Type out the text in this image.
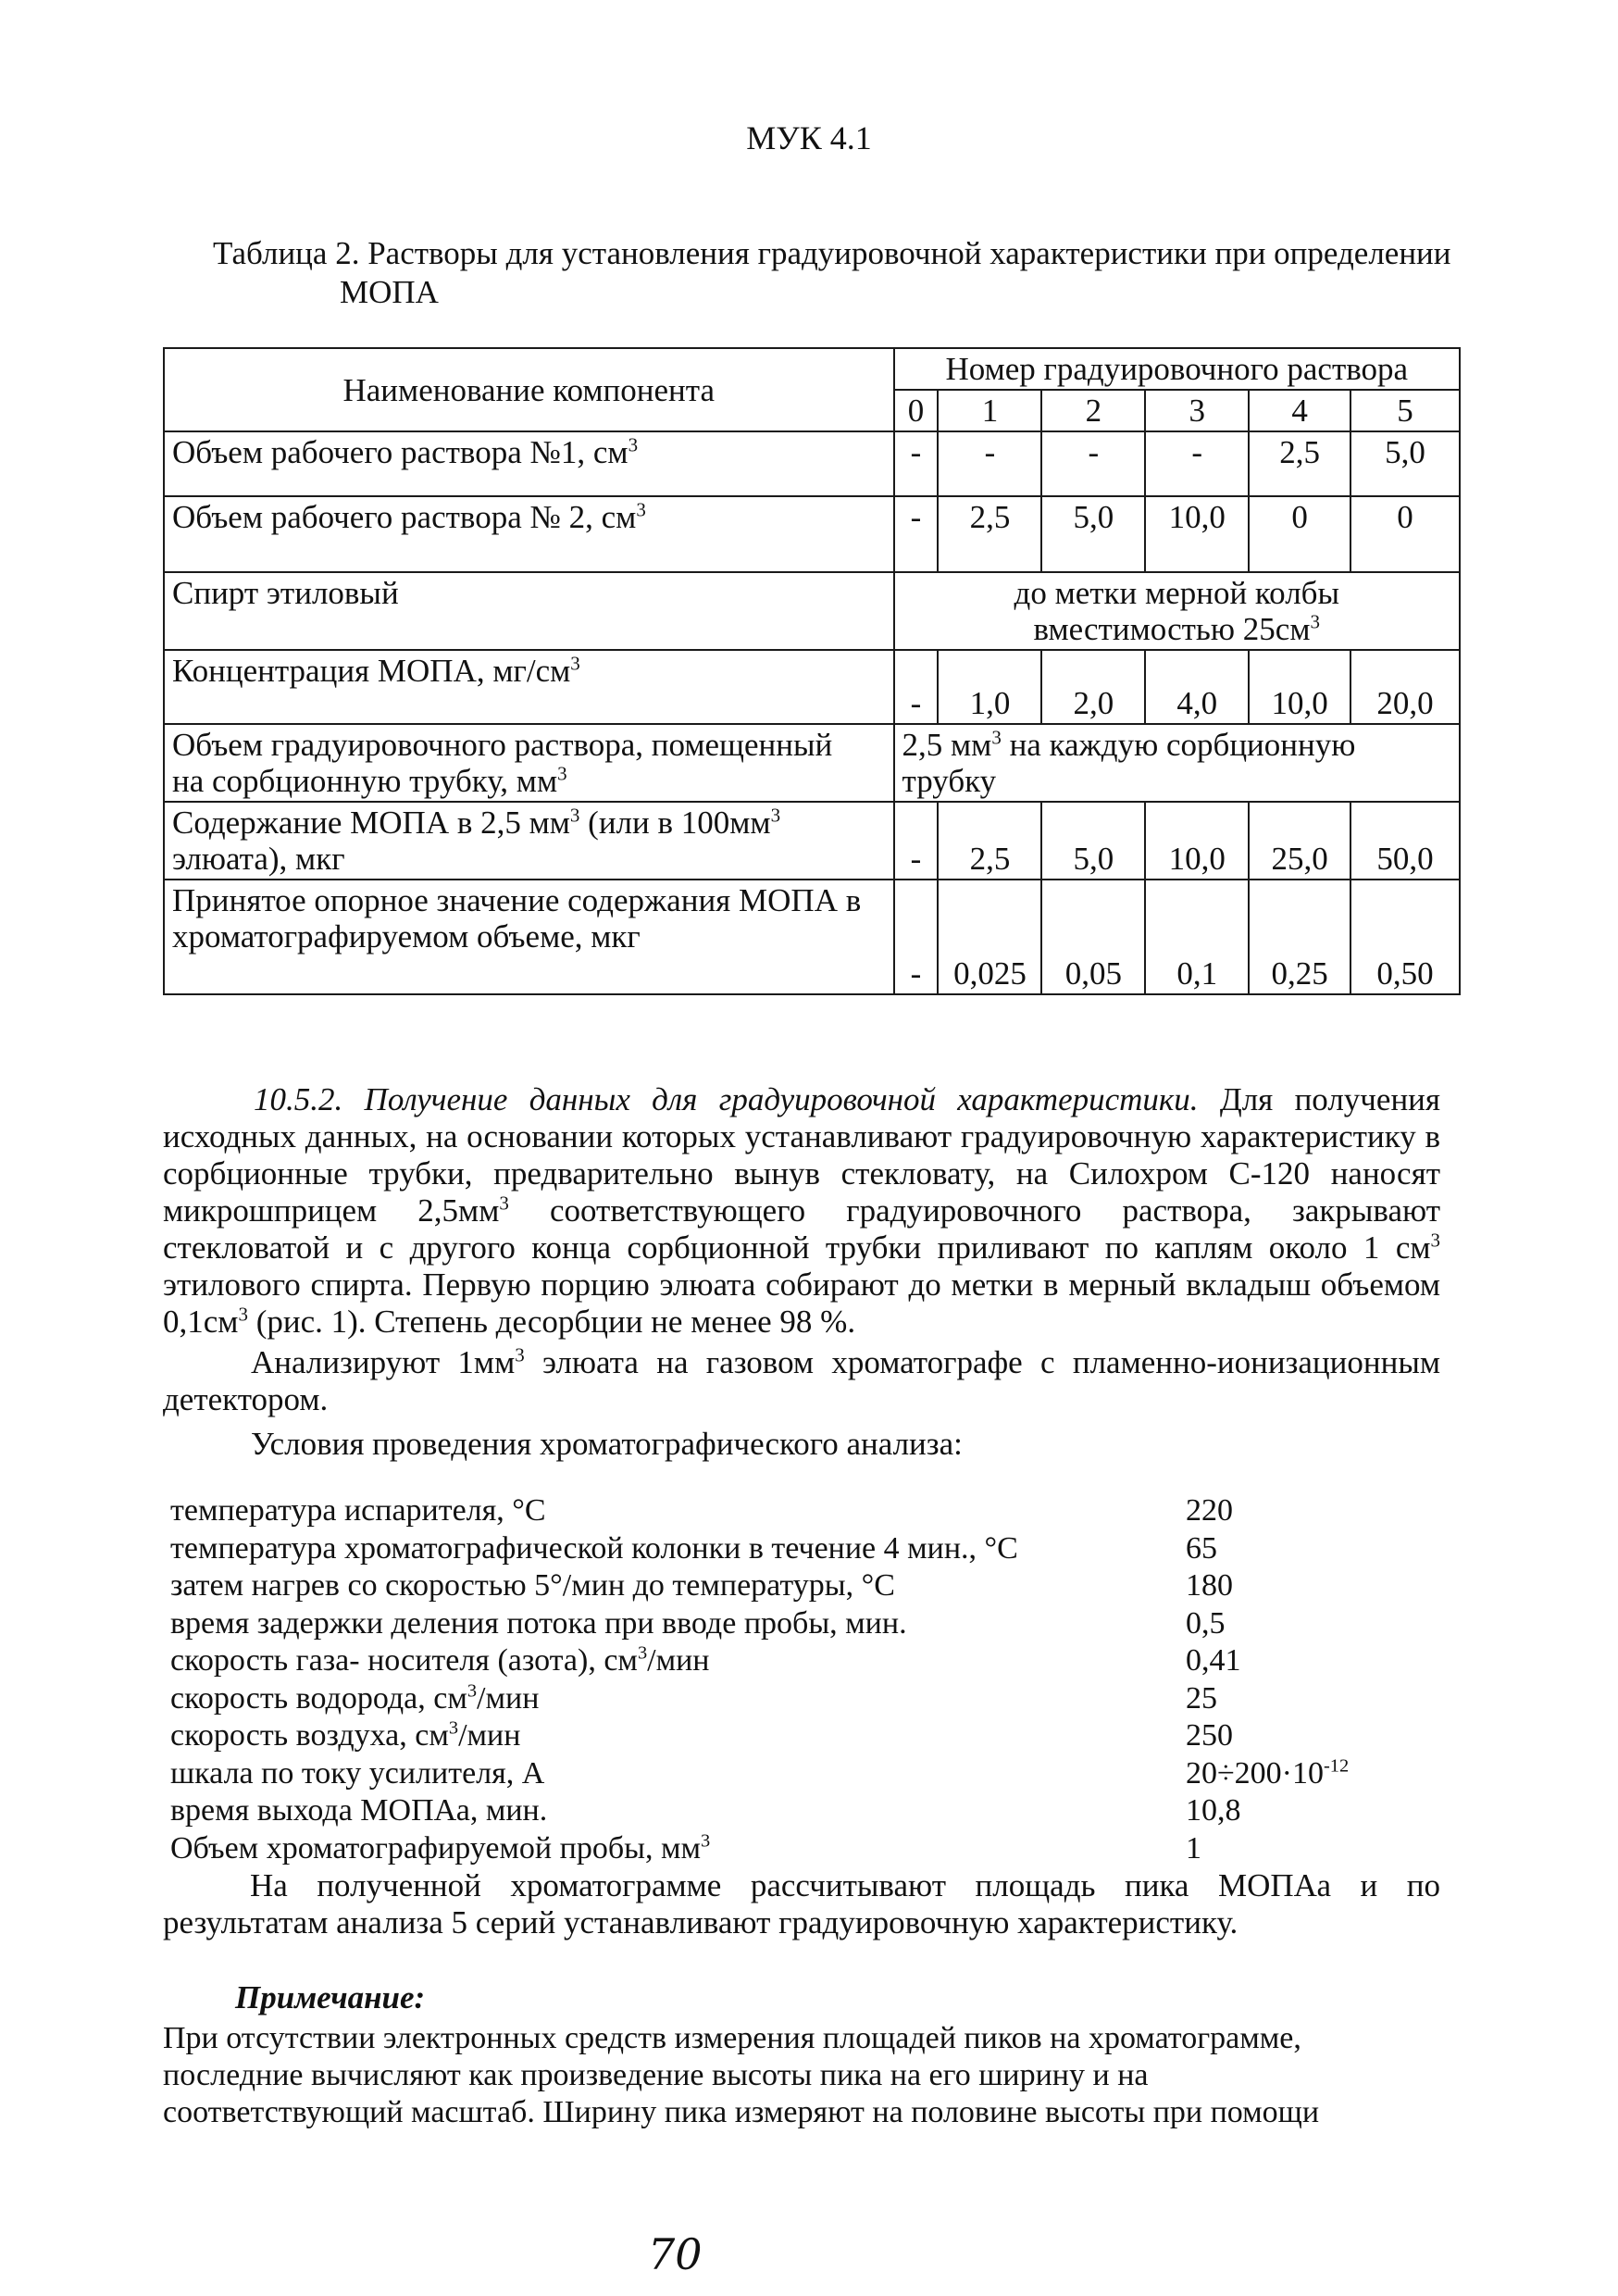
МУК 4.1
Таблица 2. Растворы для установления градуировочной характеристики при определении
МОПА
Наименование компонента	Номер градуировочного раствора					
	0	1	2	3	4	5
Объем рабочего раствора №1, $см^3$	-	-	-	-	2,5	5,0
Объем рабочего раствора № 2, $см^3$	-	2,5	5,0	10,0	0	0
Спирт этиловый	до метки мерной колбы
вместимостью $25см^3$
Концентрация МОПА, $мг/см^3$	-	1,0	2,0	4,0	10,0	20,0
Объем градуировочного раствора, помещенный
на сорбционную трубку, $мм^3$	2,5 $мм^3$ на каждую сорбционную
трубку					
Содержание МОПА в 2,5 $мм^3$ (или в $100мм^3$
элюата), мкг	-	2,5	5,0	10,0	25,0	50,0
Принятое опорное значение содержания МОПА в
хроматографируемом объеме, мкг	-	0,025	0,05	0,1	0,25	0,50
10.5.2. Получение данных для градуировочной характеристики. Для получения исходных данных, на основании которых устанавливают градуировочную характеристику в сорбционные трубки, предварительно вынув стекловату, на Силохром С-120 наносят микрошприцем $2,5мм^3$ соответствующего градуировочного раствора, закрывают стекловатой и с другого конца сорбционной трубки приливают по каплям около 1 $см^3$ этилового спирта. Первую порцию элюата собирают до метки в мерный вкладыш объемом $0,1см^3$ (рис. 1). Степень десорбции не менее 98 %.
Анализируют $1мм^3$ элюата на газовом хроматографе с пламенно-ионизационным детектором.
Условия проведения хроматографического анализа:
температура испарителя, °С	220
температура хроматографической колонки в течение 4 мин., °С	65
затем нагрев со скоростью 5°/мин до температуры, °С	180
время задержки деления потока при вводе пробы, мин.	0,5
скорость газа- носителя (азота), $см^3$/мин	0,41
скорость водорода, $см^3$/мин	25
скорость воздуха, $см^3$/мин	250
шкала по току усилителя, А	$20\div 200\cdot 10^{-12}$
время выхода МОПАа, мин.	10,8
Объем хроматографируемой пробы, $мм^3$	1
На полученной хроматограмме рассчитывают площадь пика МОПАа и по результатам анализа 5 серий устанавливают градуировочную характеристику.
Примечание:
При отсутствии электронных средств измерения площадей пиков на хроматограмме,
последние вычисляют как произведение высоты пика на его ширину и на
соответствующий масштаб. Ширину пика измеряют на половине высоты при помощи
70
